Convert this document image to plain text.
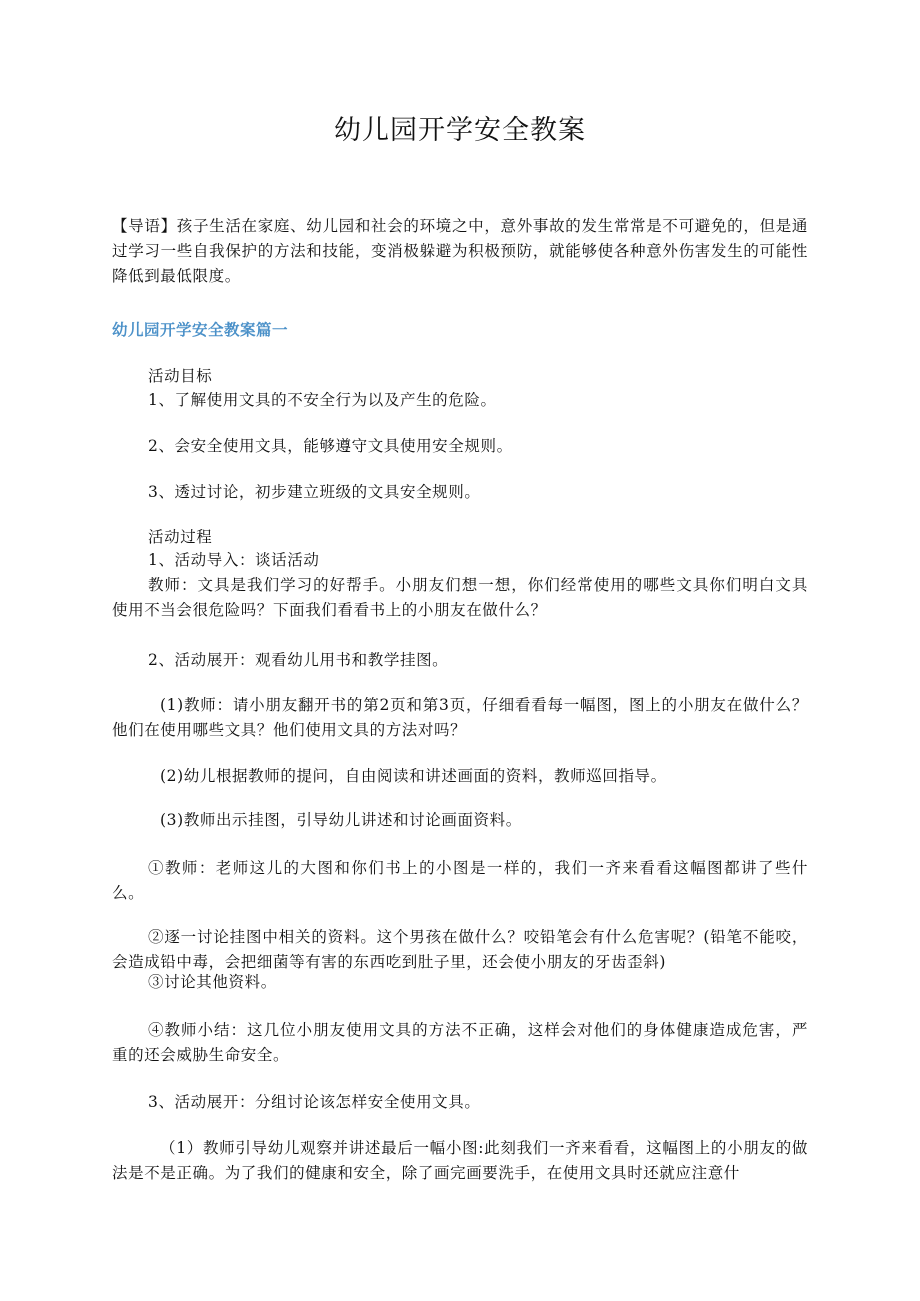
幼儿园开学安全教案

【导语】孩子生活在家庭、幼儿园和社会的环境之中，意外事故的发生常常是不可避免的，但是通过学习一些自我保护的方法和技能，变消极躲避为积极预防，就能够使各种意外伤害发生的可能性降低到最低限度。

幼儿园开学安全教案篇一
活动目标
1、了解使用文具的不安全行为以及产生的危险。
2、会安全使用文具，能够遵守文具使用安全规则。
3、透过讨论，初步建立班级的文具安全规则。
活动过程
1、活动导入：谈话活动

教师：文具是我们学习的好帮手。小朋友们想一想，你们经常使用的哪些文具你们明白文具使用不当会很危险吗？下面我们看看书上的小朋友在做什么？

2、活动展开：观看幼儿用书和教学挂图。

(1)教师：请小朋友翻开书的第2页和第3页，仔细看看每一幅图，图上的小朋友在做什么？他们在使用哪些文具？他们使用文具的方法对吗？

(2)幼儿根据教师的提问，自由阅读和讲述画面的资料，教师巡回指导。
(3)教师出示挂图，引导幼儿讲述和讨论画面资料。

①教师：老师这儿的大图和你们书上的小图是一样的，我们一齐来看看这幅图都讲了些什么。

②逐一讨论挂图中相关的资料。这个男孩在做什么？咬铅笔会有什么危害呢？(铅笔不能咬，会造成铅中毒，会把细菌等有害的东西吃到肚子里，还会使小朋友的牙齿歪斜)

③讨论其他资料。

④教师小结：这几位小朋友使用文具的方法不正确，这样会对他们的身体健康造成危害，严重的还会威胁生命安全。

3、活动展开：分组讨论该怎样安全使用文具。

（1）教师引导幼儿观察并讲述最后一幅小图:此刻我们一齐来看看，这幅图上的小朋友的做法是不是正确。为了我们的健康和安全，除了画完画要洗手，在使用文具时还就应注意什
